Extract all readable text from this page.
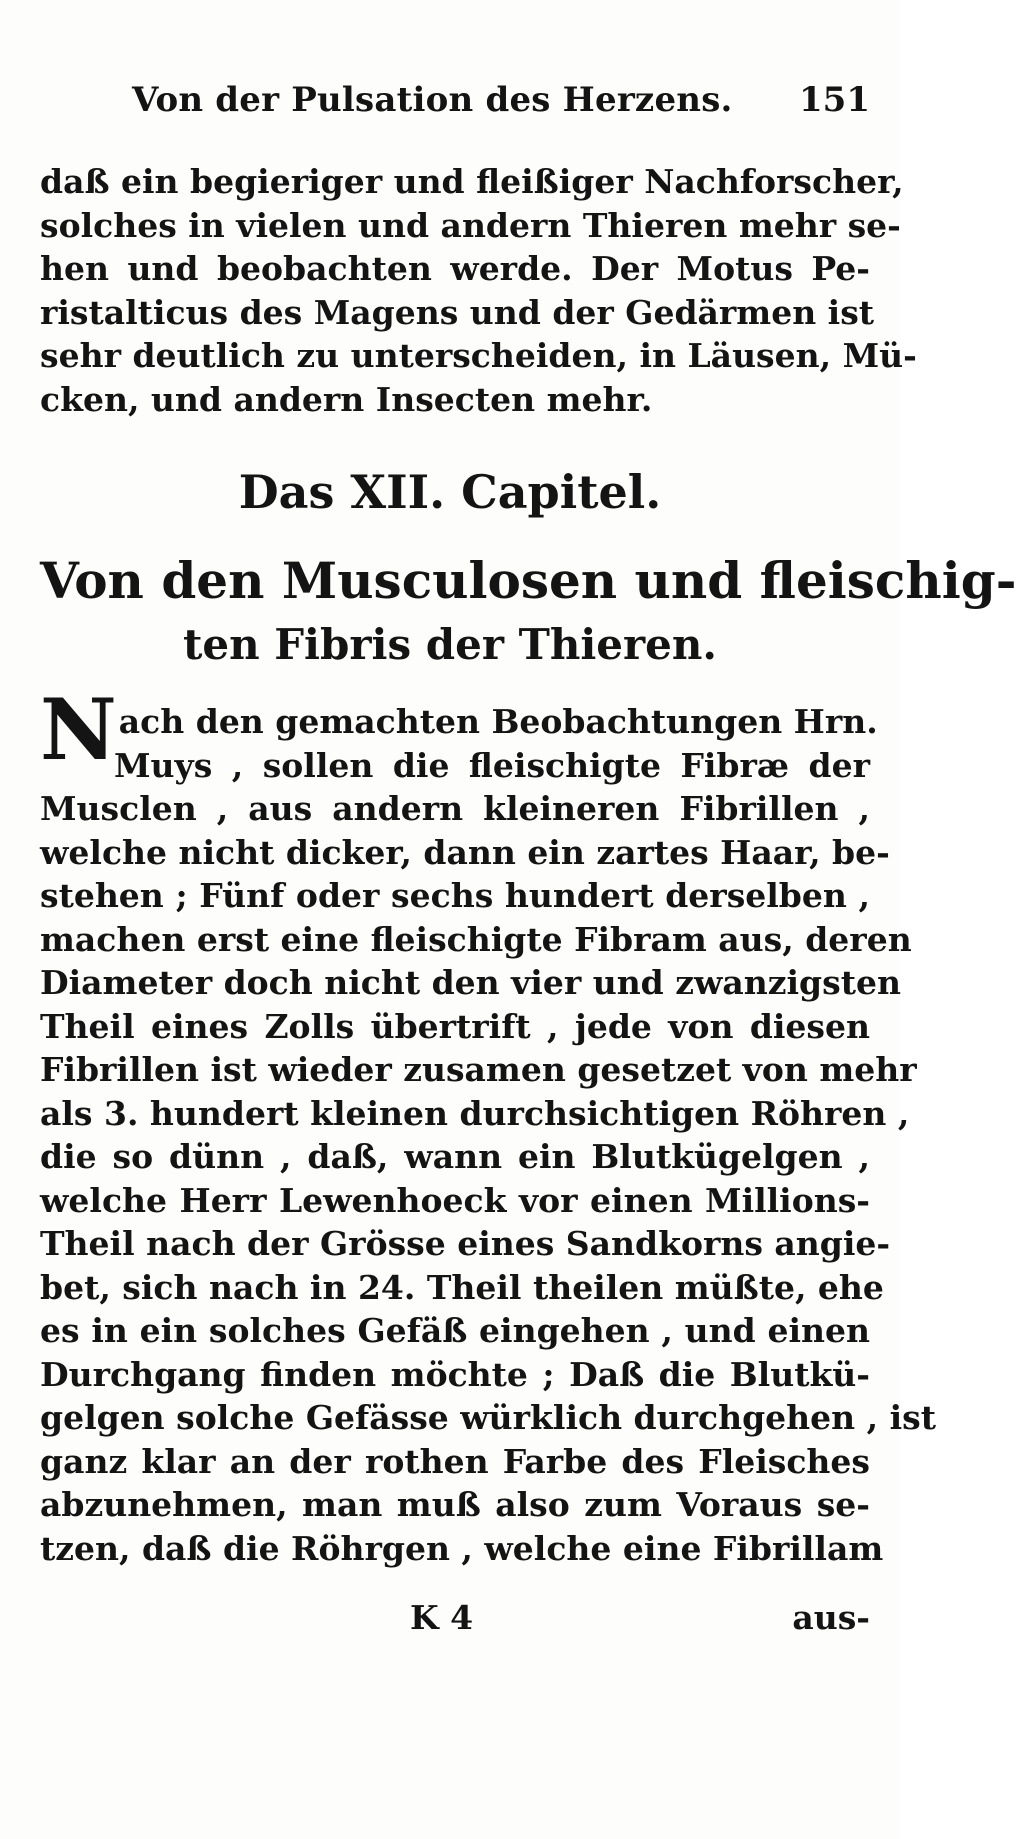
Von der Pulsation des Herzens.	151
daß ein begieriger und fleißiger Nachforscher,
solches in vielen und andern Thieren mehr se-
hen und beobachten werde. Der Motus Pe-
ristalticus des Magens und der Gedärmen ist
sehr deutlich zu unterscheiden, in Läusen, Mü-
cken, und andern Insecten mehr.
Das XII. Capitel.
Von den Musculosen und fleischig-
ten Fibris der Thieren.
N ach den gemachten Beobachtungen Hrn.
Muys , sollen die fleischigte Fibræ der
Musclen , aus andern kleineren Fibrillen ,
welche nicht dicker, dann ein zartes Haar, be-
stehen ; Fünf oder sechs hundert derselben ,
machen erst eine fleischigte Fibram aus, deren
Diameter doch nicht den vier und zwanzigsten
Theil eines Zolls übertrift , jede von diesen
Fibrillen ist wieder zusamen gesetzet von mehr
als 3. hundert kleinen durchsichtigen Röhren ,
die so dünn , daß, wann ein Blutkügelgen ,
welche Herr Lewenhoeck vor einen Millions-
Theil nach der Grösse eines Sandkorns angie-
bet, sich nach in 24. Theil theilen müßte, ehe
es in ein solches Gefäß eingehen , und einen
Durchgang finden möchte ; Daß die Blutkü-
gelgen solche Gefässe würklich durchgehen , ist
ganz klar an der rothen Farbe des Fleisches
abzunehmen, man muß also zum Voraus se-
tzen, daß die Röhrgen , welche eine Fibrillam
K 4	aus-
